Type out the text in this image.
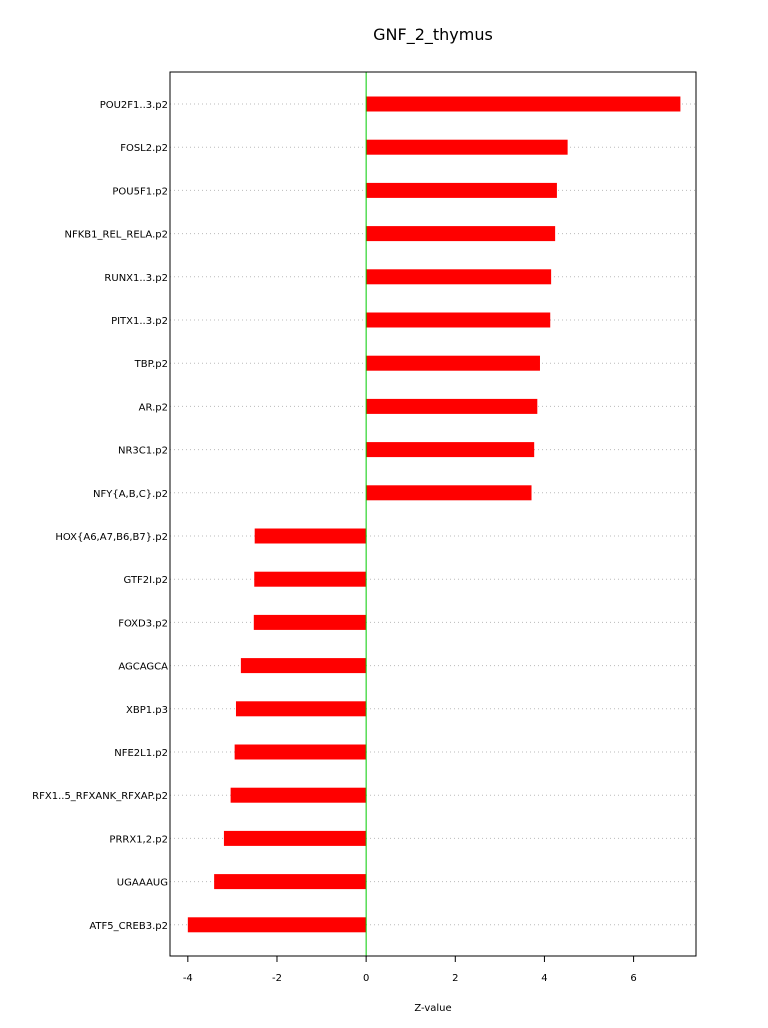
GNF_2_thymus
POU2F1..3.p2
FOSL2.p2
POU5F1.p2
NFKB1_REL_RELA.p2
RUNX1..3.p2
PITX1..3.p2
TBP.p2
AR.p2
NR3C1.p2
NFY{A,B,C}.p2
HOX{A6,A7,B6,B7}.p2
GTF2I.p2
FOXD3.p2
AGCAGCA
XBP1.p3
NFE2L1.p2
RFX1..5_RFXANK_RFXAP.p2
PRRX1,2.p2
UGAAAUG
ATF5_CREB3.p2
-4	-2	0	2	4	6
Z-value
